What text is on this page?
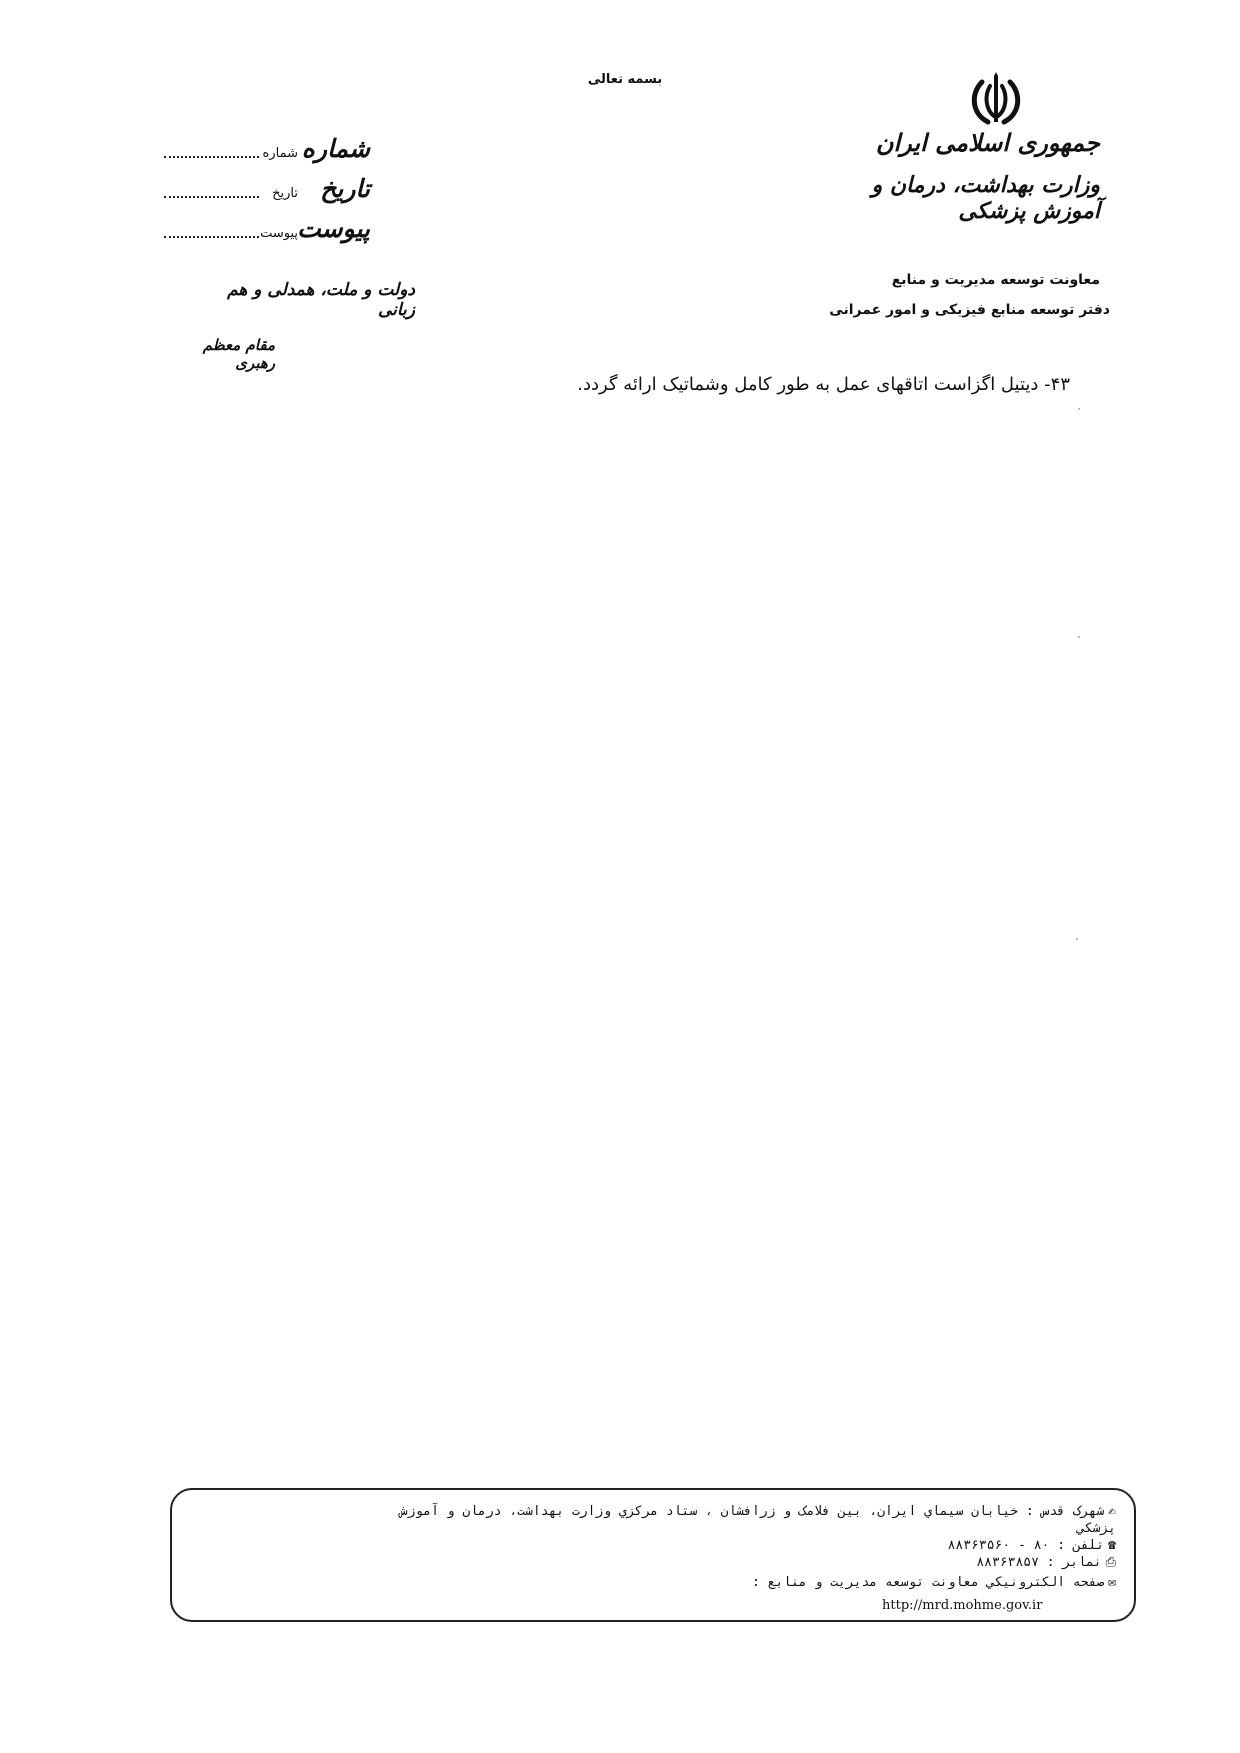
بسمه تعالی
جمهوری اسلامی ایران
وزارت بهداشت، درمان و آموزش پزشکی
معاونت توسعه مدیریت و منابع
دفتر توسعه منابع فیزیکی و امور عمرانی
شماره
شماره
تاریخ
تاریخ
پیوست
پیوست
دولت و ملت، همدلی و هم زبانی
مقام معظم رهبری
۴۳- دیتیل اگزاست اتاقهای عمل به طور کامل وشماتیک ارائه گردد.
✍شهرک قدس : خیابان سیماي ایران، بین فلامک و زرافشان ، ستاد مرکزي وزارت بهداشت، درمان و آموزش
پزشکي
☎تلفن : ۸۰ - ۸۸۳۶۳۵۶۰
⎙نمابر : ۸۸۳۶۳۸۵۷
✉صفحه الكترونيكي معاونت توسعه مديريت و منابع :
http://mrd.mohme.gov.ir
